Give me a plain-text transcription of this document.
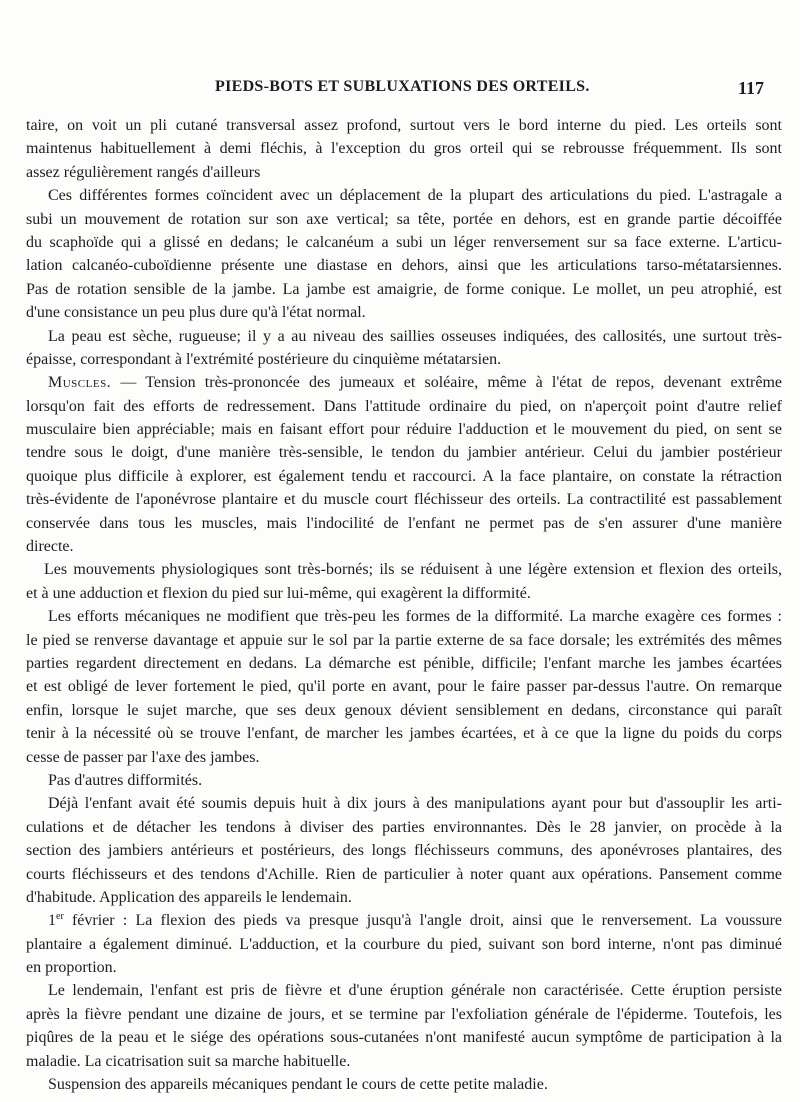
PIEDS-BOTS ET SUBLUXATIONS DES ORTEILS.	117
taire, on voit un pli cutané transversal assez profond, surtout vers le bord interne du pied. Les orteils sont
maintenus habituellement à demi fléchis, à l'exception du gros orteil qui se rebrousse fréquemment. Ils sont
assez régulièrement rangés d'ailleurs
Ces différentes formes coïncident avec un déplacement de la plupart des articulations du pied. L'astragale a
subi un mouvement de rotation sur son axe vertical; sa tête, portée en dehors, est en grande partie décoiffée
du scaphoïde qui a glissé en dedans; le calcanéum a subi un léger renversement sur sa face externe. L'articu-
lation calcanéo-cuboïdienne présente une diastase en dehors, ainsi que les articulations tarso-métatarsiennes.
Pas de rotation sensible de la jambe. La jambe est amaigrie, de forme conique. Le mollet, un peu atrophié, est
d'une consistance un peu plus dure qu'à l'état normal.
La peau est sèche, rugueuse; il y a au niveau des saillies osseuses indiquées, des callosités, une surtout très-
épaisse, correspondant à l'extrémité postérieure du cinquième métatarsien.
Muscles. — Tension très-prononcée des jumeaux et soléaire, même à l'état de repos, devenant extrême
lorsqu'on fait des efforts de redressement. Dans l'attitude ordinaire du pied, on n'aperçoit point d'autre relief
musculaire bien appréciable; mais en faisant effort pour réduire l'adduction et le mouvement du pied, on sent se
tendre sous le doigt, d'une manière très-sensible, le tendon du jambier antérieur. Celui du jambier postérieur
quoique plus difficile à explorer, est également tendu et raccourci. A la face plantaire, on constate la rétraction
très-évidente de l'aponévrose plantaire et du muscle court fléchisseur des orteils. La contractilité est passablement
conservée dans tous les muscles, mais l'indocilité de l'enfant ne permet pas de s'en assurer d'une manière
directe.
Les mouvements physiologiques sont très-bornés; ils se réduisent à une légère extension et flexion des orteils,
et à une adduction et flexion du pied sur lui-même, qui exagèrent la difformité.
Les efforts mécaniques ne modifient que très-peu les formes de la difformité. La marche exagère ces formes :
le pied se renverse davantage et appuie sur le sol par la partie externe de sa face dorsale; les extrémités des mêmes
parties regardent directement en dedans. La démarche est pénible, difficile; l'enfant marche les jambes écartées
et est obligé de lever fortement le pied, qu'il porte en avant, pour le faire passer par-dessus l'autre. On remarque
enfin, lorsque le sujet marche, que ses deux genoux dévient sensiblement en dedans, circonstance qui paraît
tenir à la nécessité où se trouve l'enfant, de marcher les jambes écartées, et à ce que la ligne du poids du corps
cesse de passer par l'axe des jambes.
Pas d'autres difformités.
Déjà l'enfant avait été soumis depuis huit à dix jours à des manipulations ayant pour but d'assouplir les arti-
culations et de détacher les tendons à diviser des parties environnantes. Dès le 28 janvier, on procède à la
section des jambiers antérieurs et postérieurs, des longs fléchisseurs communs, des aponévroses plantaires, des
courts fléchisseurs et des tendons d'Achille. Rien de particulier à noter quant aux opérations. Pansement comme
d'habitude. Application des appareils le lendemain.
1er février : La flexion des pieds va presque jusqu'à l'angle droit, ainsi que le renversement. La voussure
plantaire a également diminué. L'adduction, et la courbure du pied, suivant son bord interne, n'ont pas diminué
en proportion.
Le lendemain, l'enfant est pris de fièvre et d'une éruption générale non caractérisée. Cette éruption persiste
après la fièvre pendant une dizaine de jours, et se termine par l'exfoliation générale de l'épiderme. Toutefois, les
piqûres de la peau et le siége des opérations sous-cutanées n'ont manifesté aucun symptôme de participation à la
maladie. La cicatrisation suit sa marche habituelle.
Suspension des appareils mécaniques pendant le cours de cette petite maladie.
